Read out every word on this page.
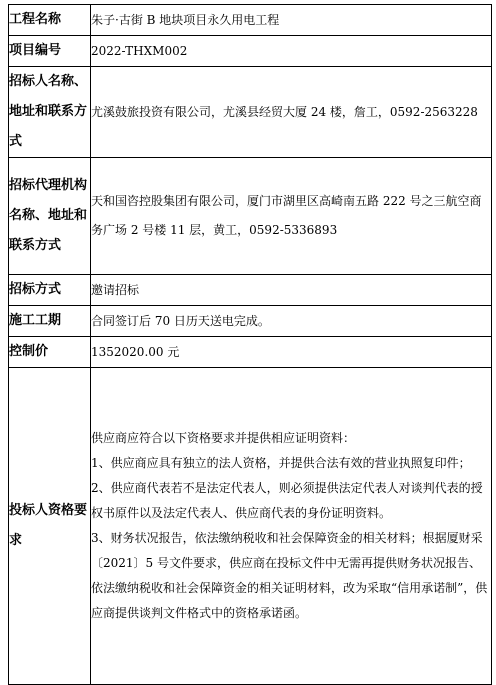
工程名称	朱子·古街 B 地块项目永久用电工程
项目编号	2022-THXM002
招标人名称、地址和联系方式	尤溪鼓旅投资有限公司，尤溪县经贸大厦 24 楼，詹工，0592-2563228
招标代理机构名称、地址和联系方式	天和国咨控股集团有限公司，厦门市湖里区高崎南五路 222 号之三航空商务广场 2 号楼 11 层，黄工，0592-5336893
招标方式	邀请招标
施工工期	合同签订后 70 日历天送电完成。
控制价	1352020.00 元
投标人资格要求	供应商应符合以下资格要求并提供相应证明资料：
1、供应商应具有独立的法人资格，并提供合法有效的营业执照复印件；
2、供应商代表若不是法定代表人，则必须提供法定代表人对谈判代表的授权书原件以及法定代表人、供应商代表的身份证明资料。
3、财务状况报告，依法缴纳税收和社会保障资金的相关材料；根据厦财采〔2021〕5 号文件要求，供应商在投标文件中无需再提供财务状况报告、依法缴纳税收和社会保障资金的相关证明材料，改为采取“信用承诺制”，供应商提供谈判文件格式中的资格承诺函。
